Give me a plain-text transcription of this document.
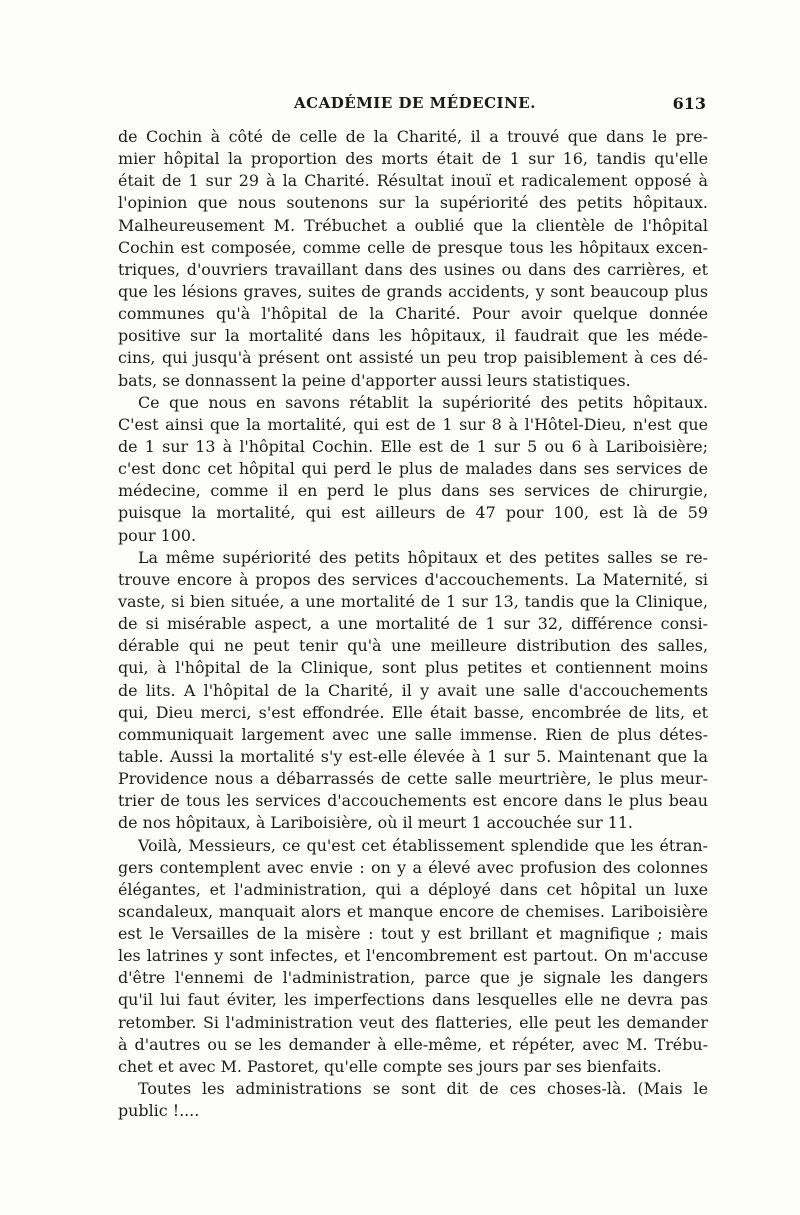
ACADÉMIE DE MÉDECINE.	613
de Cochin à côté de celle de la Charité, il a trouvé que dans le pre-
mier hôpital la proportion des morts était de 1 sur 16, tandis qu'elle
était de 1 sur 29 à la Charité. Résultat inouï et radicalement opposé à
l'opinion que nous soutenons sur la supériorité des petits hôpitaux.
Malheureusement M. Trébuchet a oublié que la clientèle de l'hôpital
Cochin est composée, comme celle de presque tous les hôpitaux excen-
triques, d'ouvriers travaillant dans des usines ou dans des carrières, et
que les lésions graves, suites de grands accidents, y sont beaucoup plus
communes qu'à l'hôpital de la Charité. Pour avoir quelque donnée
positive sur la mortalité dans les hôpitaux, il faudrait que les méde-
cins, qui jusqu'à présent ont assisté un peu trop paisiblement à ces dé-
bats, se donnassent la peine d'apporter aussi leurs statistiques.
Ce que nous en savons rétablit la supériorité des petits hôpitaux.
C'est ainsi que la mortalité, qui est de 1 sur 8 à l'Hôtel-Dieu, n'est que
de 1 sur 13 à l'hôpital Cochin. Elle est de 1 sur 5 ou 6 à Lariboisière;
c'est donc cet hôpital qui perd le plus de malades dans ses services de
médecine, comme il en perd le plus dans ses services de chirurgie,
puisque la mortalité, qui est ailleurs de 47 pour 100, est là de 59
pour 100.
La même supériorité des petits hôpitaux et des petites salles se re-
trouve encore à propos des services d'accouchements. La Maternité, si
vaste, si bien située, a une mortalité de 1 sur 13, tandis que la Clinique,
de si misérable aspect, a une mortalité de 1 sur 32, différence consi-
dérable qui ne peut tenir qu'à une meilleure distribution des salles,
qui, à l'hôpital de la Clinique, sont plus petites et contiennent moins
de lits. A l'hôpital de la Charité, il y avait une salle d'accouchements
qui, Dieu merci, s'est effondrée. Elle était basse, encombrée de lits, et
communiquait largement avec une salle immense. Rien de plus détes-
table. Aussi la mortalité s'y est-elle élevée à 1 sur 5. Maintenant que la
Providence nous a débarrassés de cette salle meurtrière, le plus meur-
trier de tous les services d'accouchements est encore dans le plus beau
de nos hôpitaux, à Lariboisière, où il meurt 1 accouchée sur 11.
Voilà, Messieurs, ce qu'est cet établissement splendide que les étran-
gers contemplent avec envie : on y a élevé avec profusion des colonnes
élégantes, et l'administration, qui a déployé dans cet hôpital un luxe
scandaleux, manquait alors et manque encore de chemises. Lariboisière
est le Versailles de la misère : tout y est brillant et magnifique ; mais
les latrines y sont infectes, et l'encombrement est partout. On m'accuse
d'être l'ennemi de l'administration, parce que je signale les dangers
qu'il lui faut éviter, les imperfections dans lesquelles elle ne devra pas
retomber. Si l'administration veut des flatteries, elle peut les demander
à d'autres ou se les demander à elle-même, et répéter, avec M. Trébu-
chet et avec M. Pastoret, qu'elle compte ses jours par ses bienfaits.
Toutes les administrations se sont dit de ces choses-là. (Mais le
public !....
